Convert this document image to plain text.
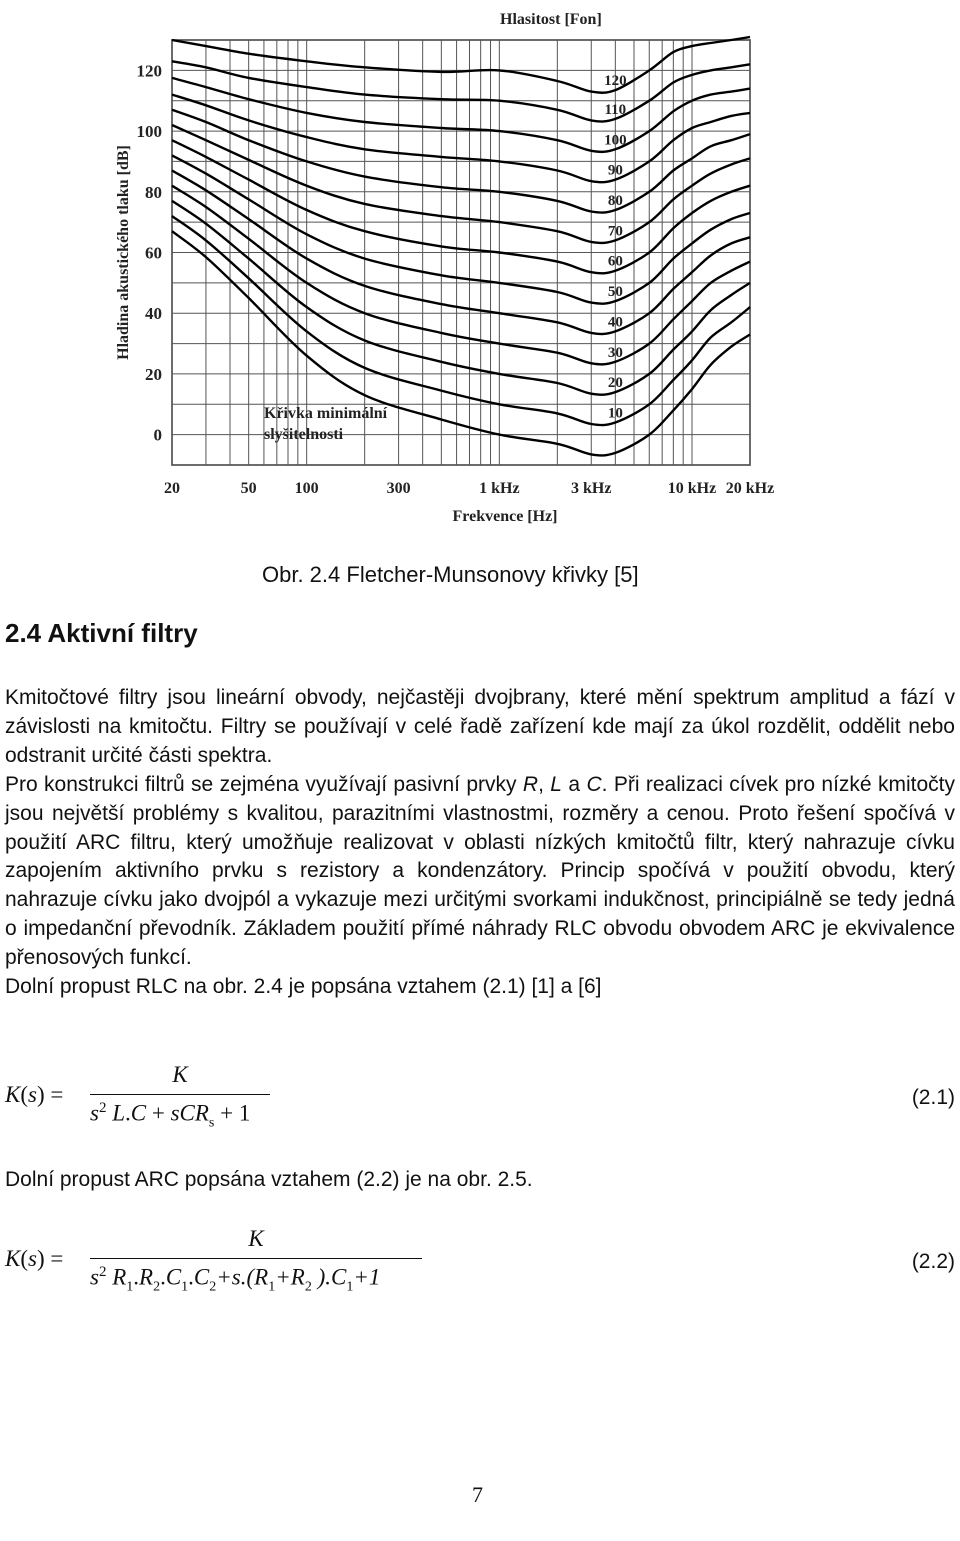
0
20
40
60
80
100
120
20	50 100	300	1 kHz	3 kHz	10 kHz 20 kHz
Frekvence [Hz]
Hladina akustického tlaku [dB]
Hlasitost [Fon]
120
110
100
90
80
70
60
50
40
30
20
10
Křivka minimální
slyšitelnosti
Obr. 2.4 Fletcher-Munsonovy křivky [5]
2.4 Aktivní filtry

Kmitočtové filtry jsou lineární obvody, nejčastěji dvojbrany, které mění spektrum amplitud a fází v závislosti na kmitočtu. Filtry se používají v celé řadě zařízení kde mají za úkol rozdělit, oddělit nebo odstranit určité části spektra.

Pro konstrukci filtrů se zejména využívají pasivní prvky R, L a C. Při realizaci cívek pro nízké kmitočty jsou největší problémy s kvalitou, parazitními vlastnostmi, rozměry a cenou. Proto řešení spočívá v použití ARC filtru, který umožňuje realizovat v oblasti nízkých kmitočtů filtr, který nahrazuje cívku zapojením aktivního prvku s rezistory a kondenzátory. Princip spočívá v použití obvodu, který nahrazuje cívku jako dvojpól a vykazuje mezi určitými svorkami indukčnost, principiálně se tedy jedná o impedanční převodník. Základem použití přímé náhrady RLC obvodu obvodem ARC je ekvivalence přenosových funkcí.

Dolní propust RLC na obr. 2.4 je popsána vztahem (2.1) [1] a [6]

K(s) =
K
$s^2$ L.C + sCR$_s$ + 1
(2.1)
Dolní propust ARC popsána vztahem (2.2) je na obr. 2.5.
K(s) =
K
$s^2$ $R_1.R_2.C_1.C_2+s.(R_1+R_2$ )$.C_1+1$
(2.2)
7
